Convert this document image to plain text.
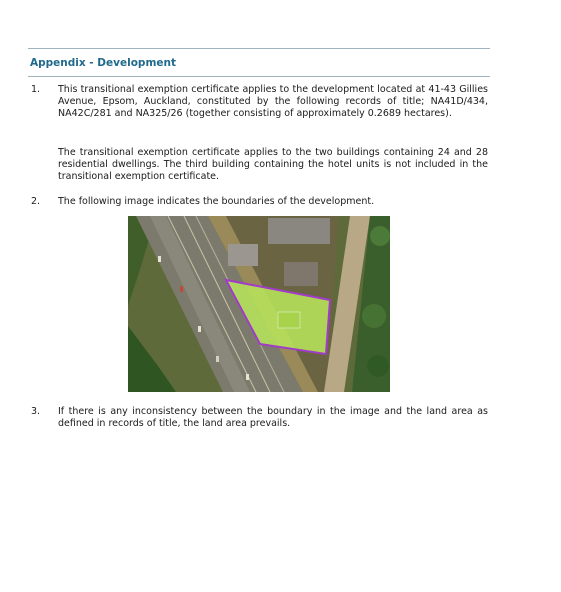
Appendix - Development
1. This transitional exemption certificate applies to the development located at 41-43 Gillies Avenue, Epsom, Auckland, constituted by the following records of title; NA41D/434, NA42C/281 and NA325/26 (together consisting of approximately 0.2689 hectares).
The transitional exemption certificate applies to the two buildings containing 24 and 28 residential dwellings. The third building containing the hotel units is not included in the transitional exemption certificate.
2. The following image indicates the boundaries of the development.
3. If there is any inconsistency between the boundary in the image and the land area as defined in records of title, the land area prevails.
